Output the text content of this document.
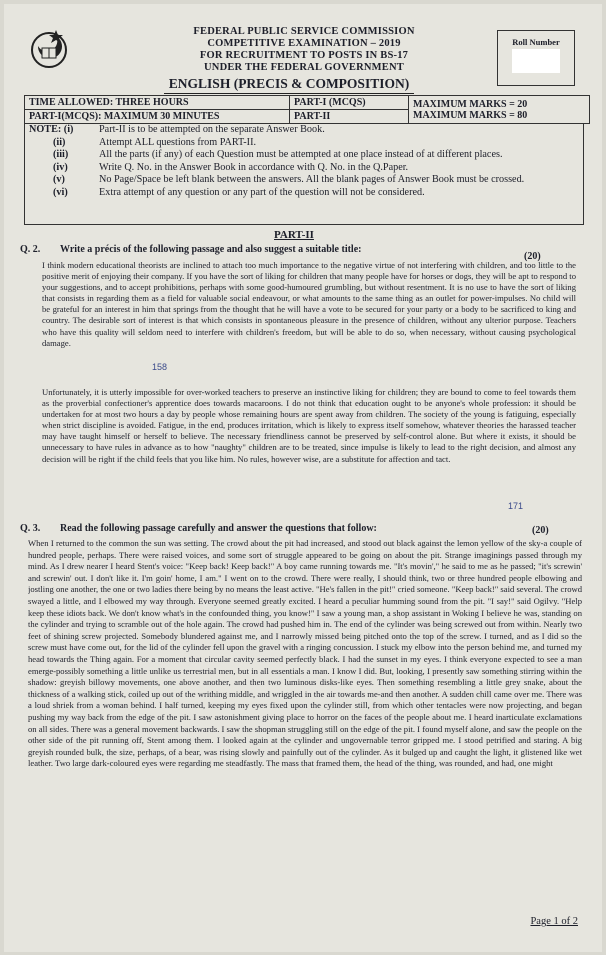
FEDERAL PUBLIC SERVICE COMMISSION
COMPETITIVE EXAMINATION – 2019
FOR RECRUITMENT TO POSTS IN BS-17
UNDER THE FEDERAL GOVERNMENT
Roll Number
ENGLISH (PRECIS & COMPOSITION)
TIME ALLOWED: THREE HOURS	PART-I (MCQS)	MAXIMUM MARKS = 20
MAXIMUM MARKS = 80

PART-I(MCQS): MAXIMUM 30 MINUTES	PART-II	
NOTE: (i)	Part-II is to be attempted on the separate Answer Book.
(ii)	Attempt ALL questions from PART-II.
(iii)	All the parts (if any) of each Question must be attempted at one place instead of at different places.
(iv)	Write Q. No. in the Answer Book in accordance with Q. No. in the Q.Paper.
(v)	No Page/Space be left blank between the answers. All the blank pages of Answer Book must be crossed.
(vi)	Extra attempt of any question or any part of the question will not be considered.
PART-II
Q. 2. Write a précis of the following passage and also suggest a suitable title:
(20)
I think modern educational theorists are inclined to attach too much importance to the negative virtue of not interfering with children, and too little to the positive merit of enjoying their company. If you have the sort of liking for children that many people have for horses or dogs, they will be apt to respond to your suggestions, and to accept prohibitions, perhaps with some good-humoured grumbling, but without resentment. It is no use to have the sort of liking that consists in regarding them as a field for valuable social endeavour, or what amounts to the same thing as an outlet for power-impulses. No child will be grateful for an interest in him that springs from the thought that he will have a vote to be secured for your party or a body to be sacrificed to king and country. The desirable sort of interest is that which consists in spontaneous pleasure in the presence of children, without any ulterior purpose. Teachers who have this quality will seldom need to interfere with children's freedom, but will be able to do so, when necessary, without causing psychological damage.
158
Unfortunately, it is utterly impossible for over-worked teachers to preserve an instinctive liking for children; they are bound to come to feel towards them as the proverbial confectioner's apprentice does towards macaroons. I do not think that education ought to be anyone's whole profession: it should be undertaken for at most two hours a day by people whose remaining hours are spent away from children. The society of the young is fatiguing, especially when strict discipline is avoided. Fatigue, in the end, produces irritation, which is likely to express itself somehow, whatever theories the harassed teacher may have taught himself or herself to believe. The necessary friendliness cannot be preserved by self-control alone. But where it exists, it should be unnecessary to have rules in advance as to how "naughty" children are to be treated, since impulse is likely to lead to the right decision, and almost any decision will be right if the child feels that you like him. No rules, however wise, are a substitute for affection and tact.
171
Q. 3. Read the following passage carefully and answer the questions that follow:	(20)
When I returned to the common the sun was setting. The crowd about the pit had increased, and stood out black against the lemon yellow of the sky-a couple of hundred people, perhaps. There were raised voices, and some sort of struggle appeared to be going on about the pit. Strange imaginings passed through my mind. As I drew nearer I heard Stent's voice: "Keep back! Keep back!" A boy came running towards me. "It's movin'," he said to me as he passed; "it's screwin' and screwin' out. I don't like it. I'm goin' home, I am." I went on to the crowd. There were really, I should think, two or three hundred people elbowing and jostling one another, the one or two ladies there being by no means the least active. "He's fallen in the pit!" cried someone. "Keep back!" said several. The crowd swayed a little, and I elbowed my way through. Everyone seemed greatly excited. I heard a peculiar humming sound from the pit. "I say!" said Ogilvy. "Help keep these idiots back. We don't know what's in the confounded thing, you know!" I saw a young man, a shop assistant in Woking I believe he was, standing on the cylinder and trying to scramble out of the hole again. The crowd had pushed him in. The end of the cylinder was being screwed out from within. Nearly two feet of shining screw projected. Somebody blundered against me, and I narrowly missed being pitched onto the top of the screw. I turned, and as I did so the screw must have come out, for the lid of the cylinder fell upon the gravel with a ringing concussion. I stuck my elbow into the person behind me, and turned my head towards the Thing again. For a moment that circular cavity seemed perfectly black. I had the sunset in my eyes. I think everyone expected to see a man emerge-possibly something a little unlike us terrestrial men, but in all essentials a man. I know I did. But, looking, I presently saw something stirring within the shadow: greyish billowy movements, one above another, and then two luminous disks-like eyes. Then something resembling a little grey snake, about the thickness of a walking stick, coiled up out of the writhing middle, and wriggled in the air towards me-and then another. A sudden chill came over me. There was a loud shriek from a woman behind. I half turned, keeping my eyes fixed upon the cylinder still, from which other tentacles were now projecting, and began pushing my way back from the edge of the pit. I saw astonishment giving place to horror on the faces of the people about me. I heard inarticulate exclamations on all sides. There was a general movement backwards. I saw the shopman struggling still on the edge of the pit. I found myself alone, and saw the people on the other side of the pit running off, Stent among them. I looked again at the cylinder and ungovernable terror gripped me. I stood petrified and staring. A big greyish rounded bulk, the size, perhaps, of a bear, was rising slowly and painfully out of the cylinder. As it bulged up and caught the light, it glistened like wet leather. Two large dark-coloured eyes were regarding me steadfastly. The mass that framed them, the head of the thing, was rounded, and had, one might
Page 1 of 2
